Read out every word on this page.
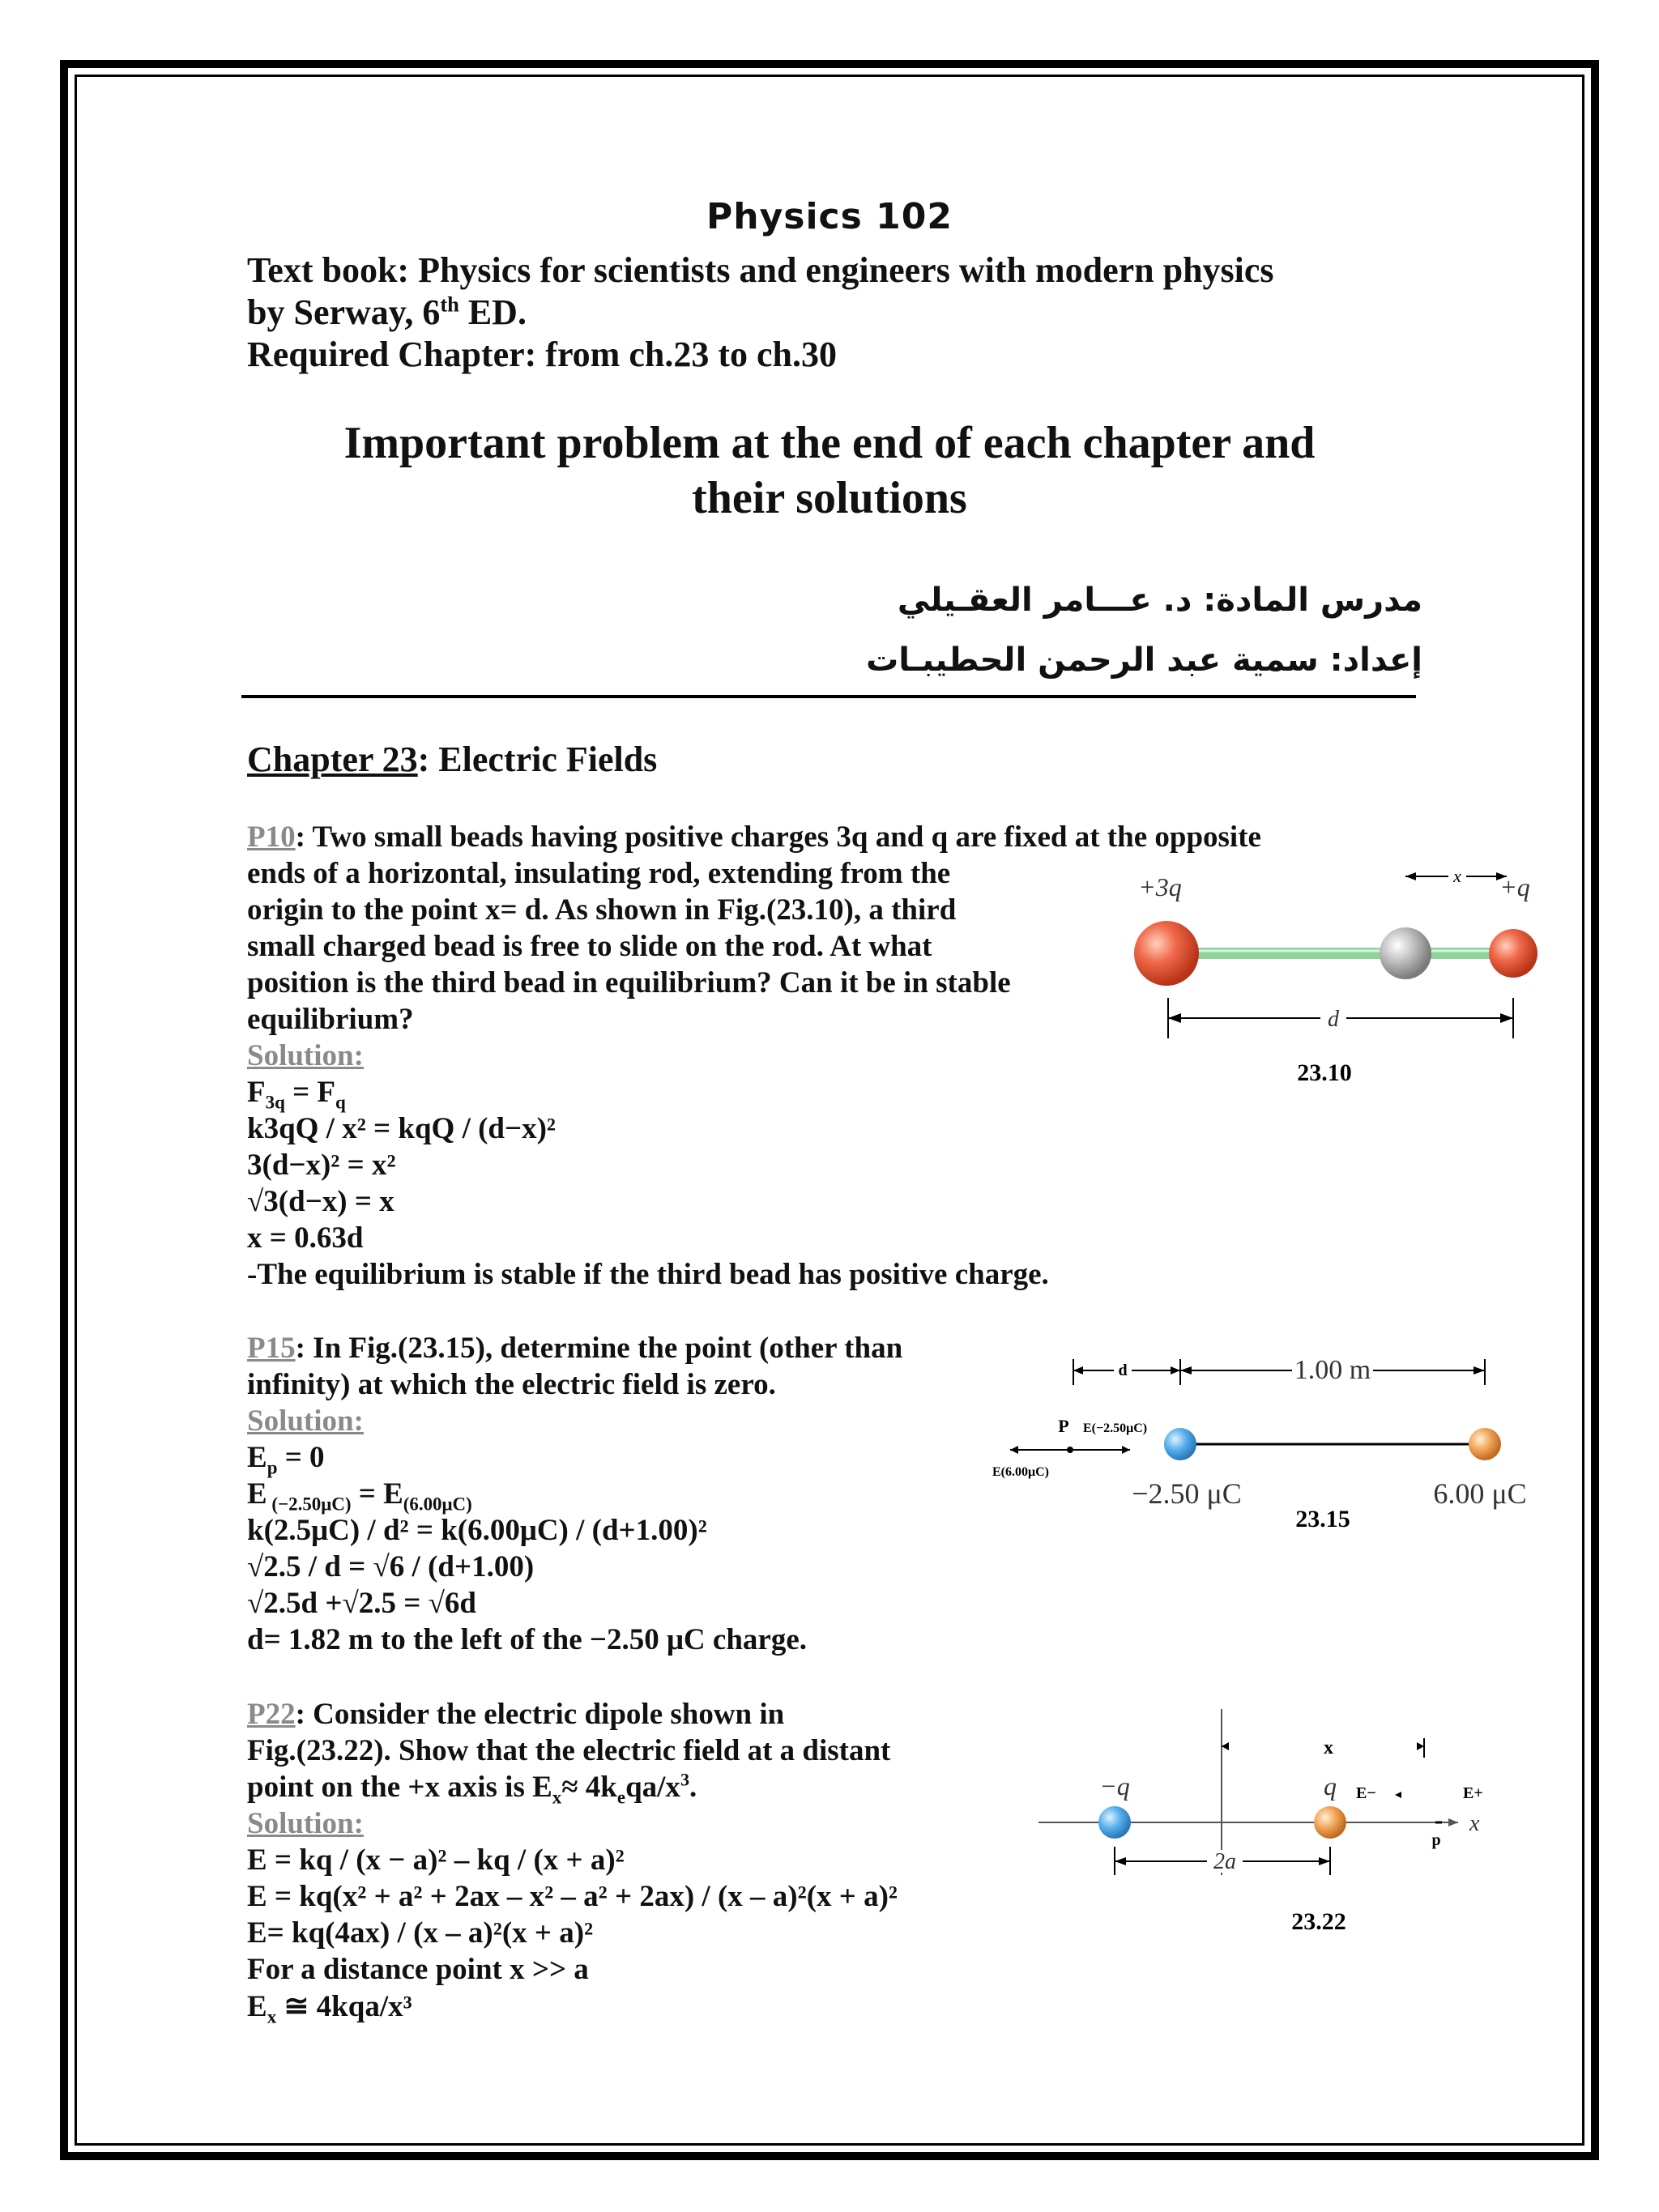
Physics 102
Text book: Physics for scientists and engineers with modern physics
by Serway, 6th ED.
Required Chapter: from ch.23 to ch.30
Important problem at the end of each chapter and
their solutions
مدرس المادة: د. عـــامر العقـيلي
إعداد: سمية عبد الرحمن الحطيبـات
Chapter 23: Electric Fields
P10: Two small beads having positive charges 3q and q are fixed at the opposite
ends of a horizontal, insulating rod, extending from the
origin to the point x= d. As shown in Fig.(23.10), a third
small charged bead is free to slide on the rod. At what
position is the third bead in equilibrium? Can it be in stable
equilibrium?
Solution:
$F_{3q} = F_q$
k3qQ / x² = kqQ / (d−x)²
3(d−x)² = x²
√3(d−x) = x
x = 0.63d
-The equilibrium is stable if the third bead has positive charge.
x
+3q	+q
d
23.10
P15: In Fig.(23.15), determine the point (other than
infinity) at which the electric field is zero.
Solution:
$E_p = 0$
E $_{(-2.50\mu C)} = E_{(6.00\mu C)}$
k(2.5μC) / d² = k(6.00μC) / (d+1.00)²
√2.5 / d = √6 / (d+1.00)
√2.5d +√2.5 = √6d
d= 1.82 m to the left of the −2.50 μC charge.
d	1.00 m
P E(−2.50μC)
E(6.00μC)
−2.50 μC	6.00 μC
23.15
P22: Consider the electric dipole shown in
Fig.(23.22). Show that the electric field at a distant
point on the +x axis is $E_x\approx 4k_eqa/x^3$.
Solution:
E = kq / (x − a)² – kq / (x + a)²
E = kq(x² + a² + 2ax – x² – a² + 2ax) / (x – a)²(x + a)²
E= kq(4ax) / (x – a)²(x + a)²
For a distance point x >> a
$E_x$ ≅ 4kqa/x³
x
−q	q E−	E+
p
x
2a
23.22
